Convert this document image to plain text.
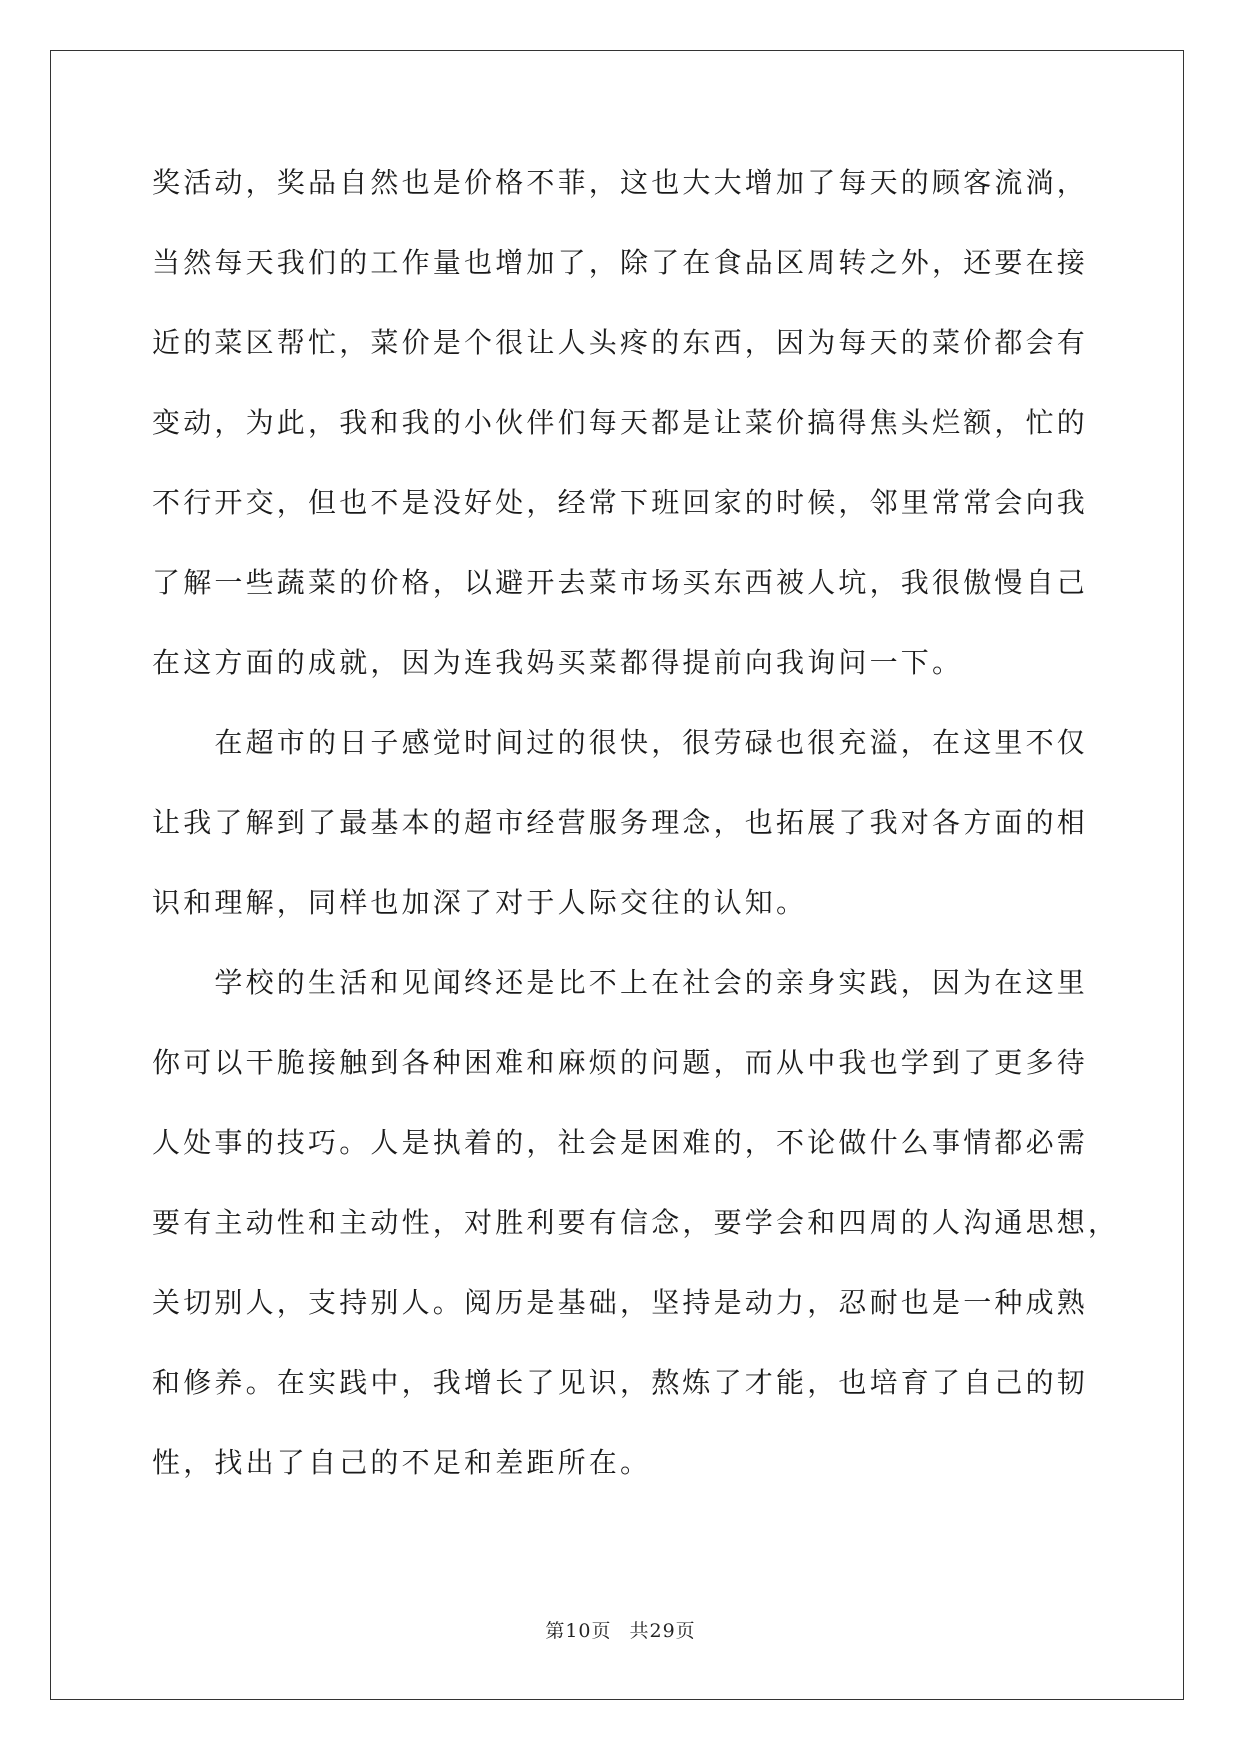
奖活动，奖品自然也是价格不菲，这也大大增加了每天的顾客流淌，
当然每天我们的工作量也增加了，除了在食品区周转之外，还要在接
近的菜区帮忙，菜价是个很让人头疼的东西，因为每天的菜价都会有
变动，为此，我和我的小伙伴们每天都是让菜价搞得焦头烂额，忙的
不行开交，但也不是没好处，经常下班回家的时候，邻里常常会向我
了解一些蔬菜的价格，以避开去菜市场买东西被人坑，我很傲慢自己
在这方面的成就，因为连我妈买菜都得提前向我询问一下。
　　在超市的日子感觉时间过的很快，很劳碌也很充溢，在这里不仅
让我了解到了最基本的超市经营服务理念，也拓展了我对各方面的相
识和理解，同样也加深了对于人际交往的认知。
　　学校的生活和见闻终还是比不上在社会的亲身实践，因为在这里
你可以干脆接触到各种困难和麻烦的问题，而从中我也学到了更多待
人处事的技巧。人是执着的，社会是困难的，不论做什么事情都必需
要有主动性和主动性，对胜利要有信念，要学会和四周的人沟通思想，
关切别人，支持别人。阅历是基础，坚持是动力，忍耐也是一种成熟
和修养。在实践中，我增长了见识，熬炼了才能，也培育了自己的韧
性，找出了自己的不足和差距所在。
第10页 共29页
